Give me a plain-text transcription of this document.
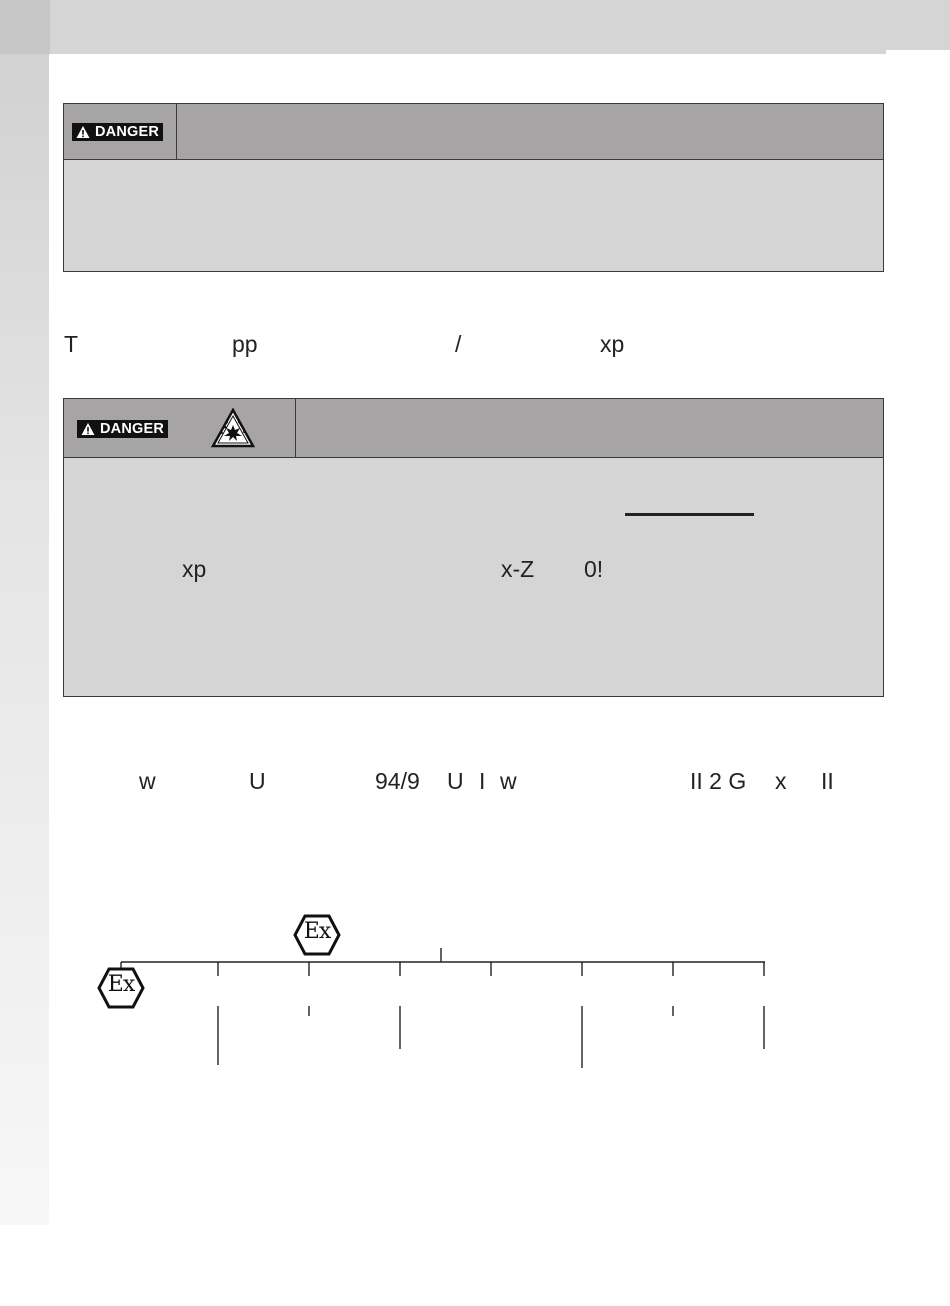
DANGER
T	pp	/	xp
DANGER
xp	x-Z 0!
w	U	94/9 U I w	II 2 G x II
Ex
Ex
